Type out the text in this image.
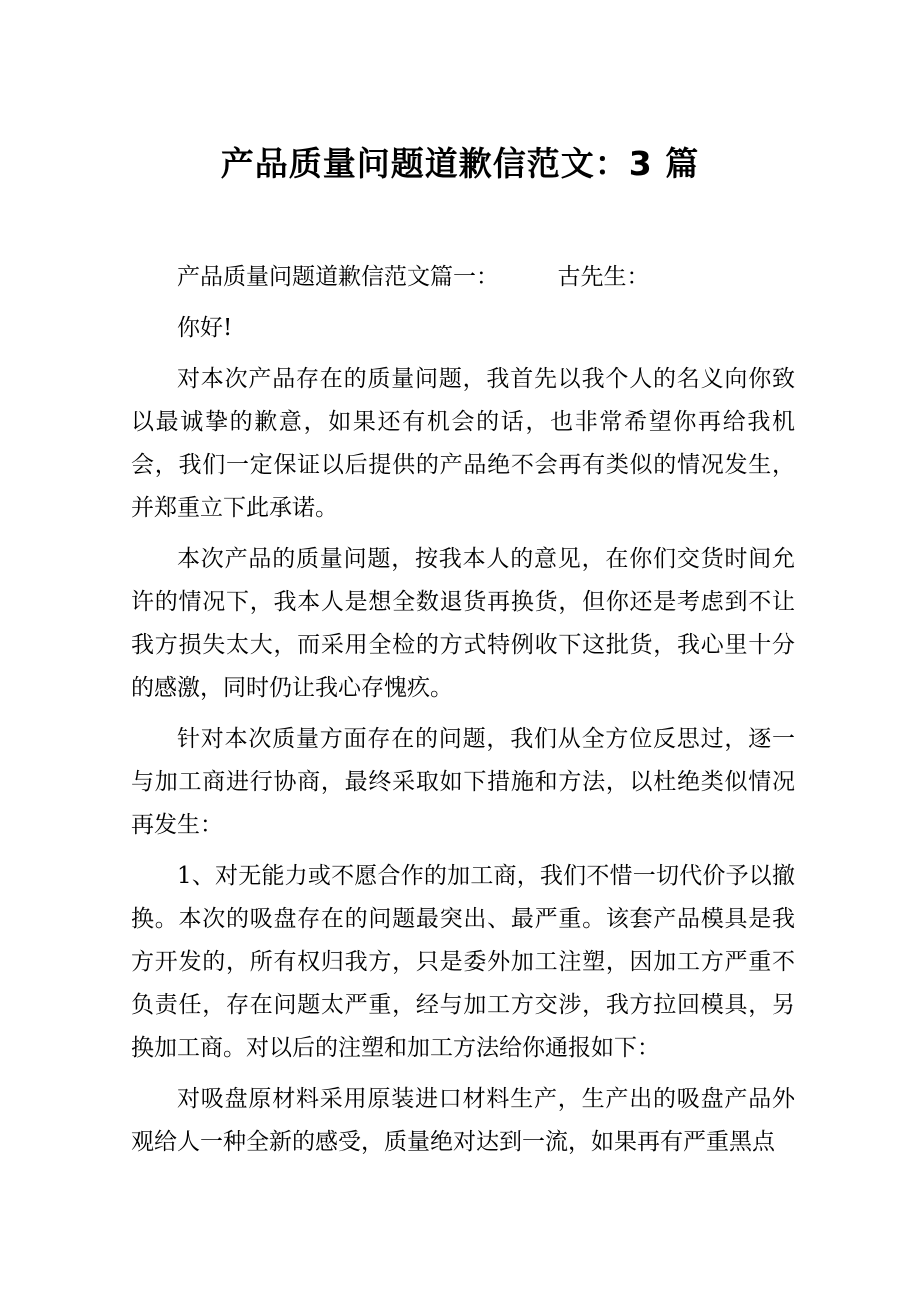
产品质量问题道歉信范文：3 篇

产品质量问题道歉信范文篇一：        古先生：

你好!

对本次产品存在的质量问题，我首先以我个人的名义向你致以最诚挚的歉意，如果还有机会的话，也非常希望你再给我机会，我们一定保证以后提供的产品绝不会再有类似的情况发生，并郑重立下此承诺。

本次产品的质量问题，按我本人的意见，在你们交货时间允许的情况下，我本人是想全数退货再换货，但你还是考虑到不让我方损失太大，而采用全检的方式特例收下这批货，我心里十分的感激，同时仍让我心存愧疚。

针对本次质量方面存在的问题，我们从全方位反思过，逐一与加工商进行协商，最终采取如下措施和方法，以杜绝类似情况再发生：

1、对无能力或不愿合作的加工商，我们不惜一切代价予以撤换。本次的吸盘存在的问题最突出、最严重。该套产品模具是我方开发的，所有权归我方，只是委外加工注塑，因加工方严重不负责任，存在问题太严重，经与加工方交涉，我方拉回模具，另换加工商。对以后的注塑和加工方法给你通报如下：

对吸盘原材料采用原装进口材料生产，生产出的吸盘产品外观给人一种全新的感受，质量绝对达到一流，如果再有严重黑点
